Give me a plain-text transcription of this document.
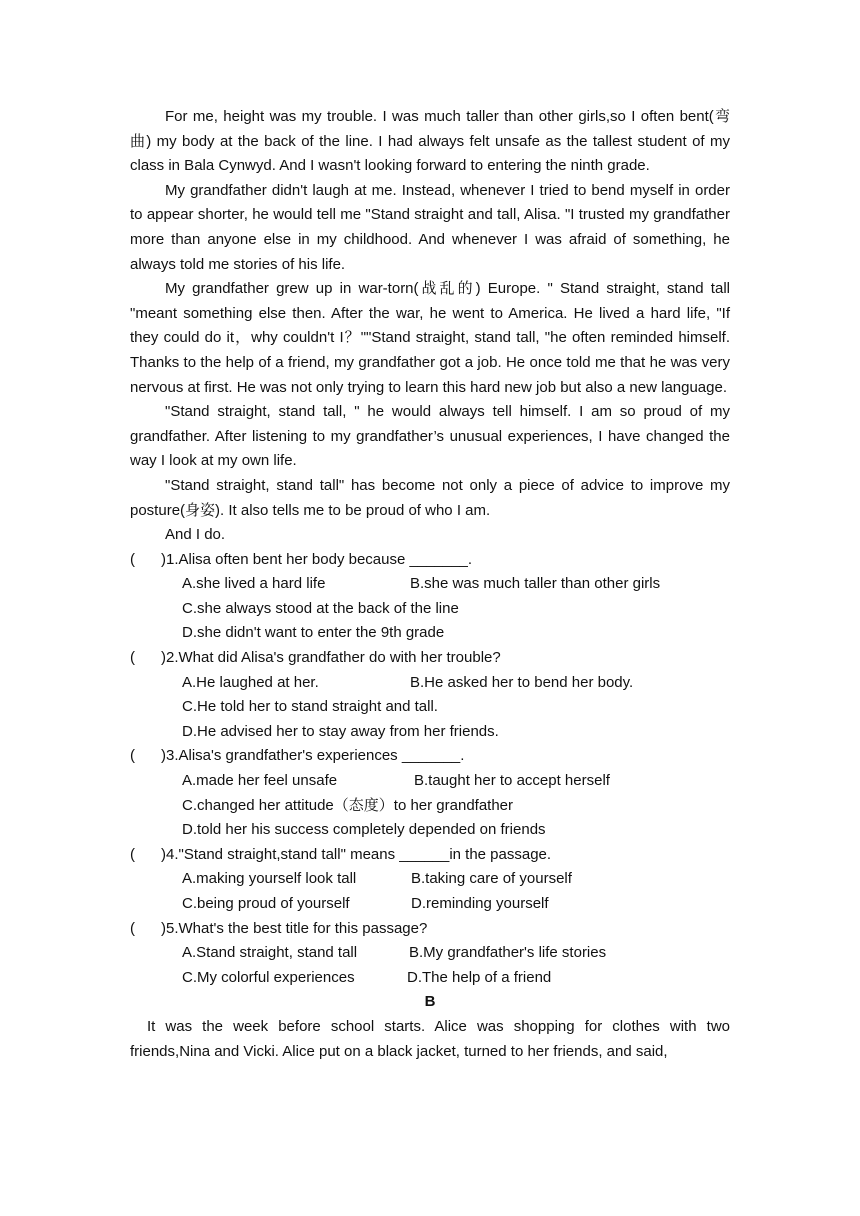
For me, height was my trouble. I was much taller than other girls,so I often bent(弯曲) my body at the back of the line. I had always felt unsafe as the tallest student of my class in Bala Cynwyd. And I wasn't looking forward to entering the ninth grade.

My grandfather didn't laugh at me. Instead, whenever I tried to bend myself in order to appear shorter, he would tell me "Stand straight and tall, Alisa. "I trusted my grandfather more than anyone else in my childhood. And whenever I was afraid of something, he always told me stories of his life.

My grandfather grew up in war-torn(战乱的) Europe. " Stand straight, stand tall "meant something else then. After the war, he went to America. He lived a hard life, "If they could do it，why couldn't I？""Stand straight, stand tall, "he often reminded himself. Thanks to the help of a friend, my grandfather got a job. He once told me that he was very nervous at first. He was not only trying to learn this hard new job but also a new language.

"Stand straight, stand tall, " he would always tell himself. I am so proud of my grandfather. After listening to my grandfather’s unusual experiences, I have changed the way I look at my own life.

"Stand straight, stand tall" has become not only a piece of advice to improve my posture(身姿). It also tells me to be proud of who I am.

And I do.

( )1.Alisa often bent her body because _______.

A.she lived a hard life	B.she was much taller than other girls

C.she always stood at the back of the line

D.she didn't want to enter the 9th grade

( )2.What did Alisa's grandfather do with her trouble?

A.He laughed at her.	B.He asked her to bend her body.

C.He told her to stand straight and tall.

D.He advised her to stay away from her friends.

( )3.Alisa's grandfather's experiences _______.

A.made her feel unsafe	B.taught her to accept herself

C.changed her attitude（态度）to her grandfather

D.told her his success completely depended on friends

( )4."Stand straight,stand tall" means ______in the passage.

A.making yourself look tall	B.taking care of yourself

C.being proud of yourself	D.reminding yourself

( )5.What's the best title for this passage?

A.Stand straight, stand tall	B.My grandfather's life stories

C.My colorful experiences	D.The help of a friend

B

It was the week before school starts. Alice was shopping for clothes with two friends,Nina and Vicki. Alice put on a black jacket, turned to her friends, and said,
